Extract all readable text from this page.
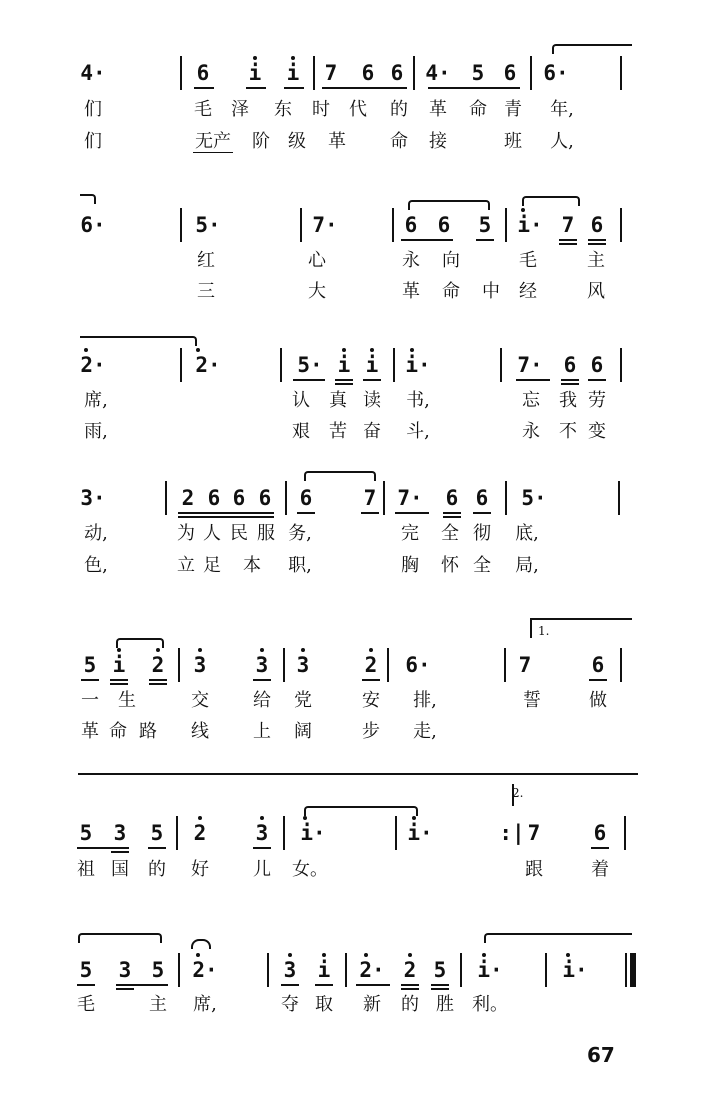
4·	6 i i 7 6 6 4· 5 6 6·
们	毛 泽 东 时 代 的 革 命 青 年,
们	无产 阶 级 革 命 接	班 人,
6·	5·	7·	6 6 5 i· 7 6
红	心	永 向	毛	主
三	大	革 命 中 经	风
2·	2·	5· i i i·	7· 6 6
席,	认 真 读 书,	忘 我 劳
雨,	艰 苦 奋 斗,	永 不 变
3·	2 6 6 6 6 7 7· 6 6 5·
动,	为 人 民 服 务,	完 全 彻 底,
色,	立 足 本 职,	胸 怀 全 局,
1.
5 i 2 3 3 3	2 6·	7	6
一 生	交 给 党	安 排,	誓	做
革 命 路 线 上 阔	步 走,
2.
5 3 5 2 3 i·	i·	:| 7	6
祖 国 的 好 儿 女。	跟	着
5 3 5 2·	3 i 2· 2 5 i·	i·
毛	主 席,	夺 取 新 的 胜 利。
67
